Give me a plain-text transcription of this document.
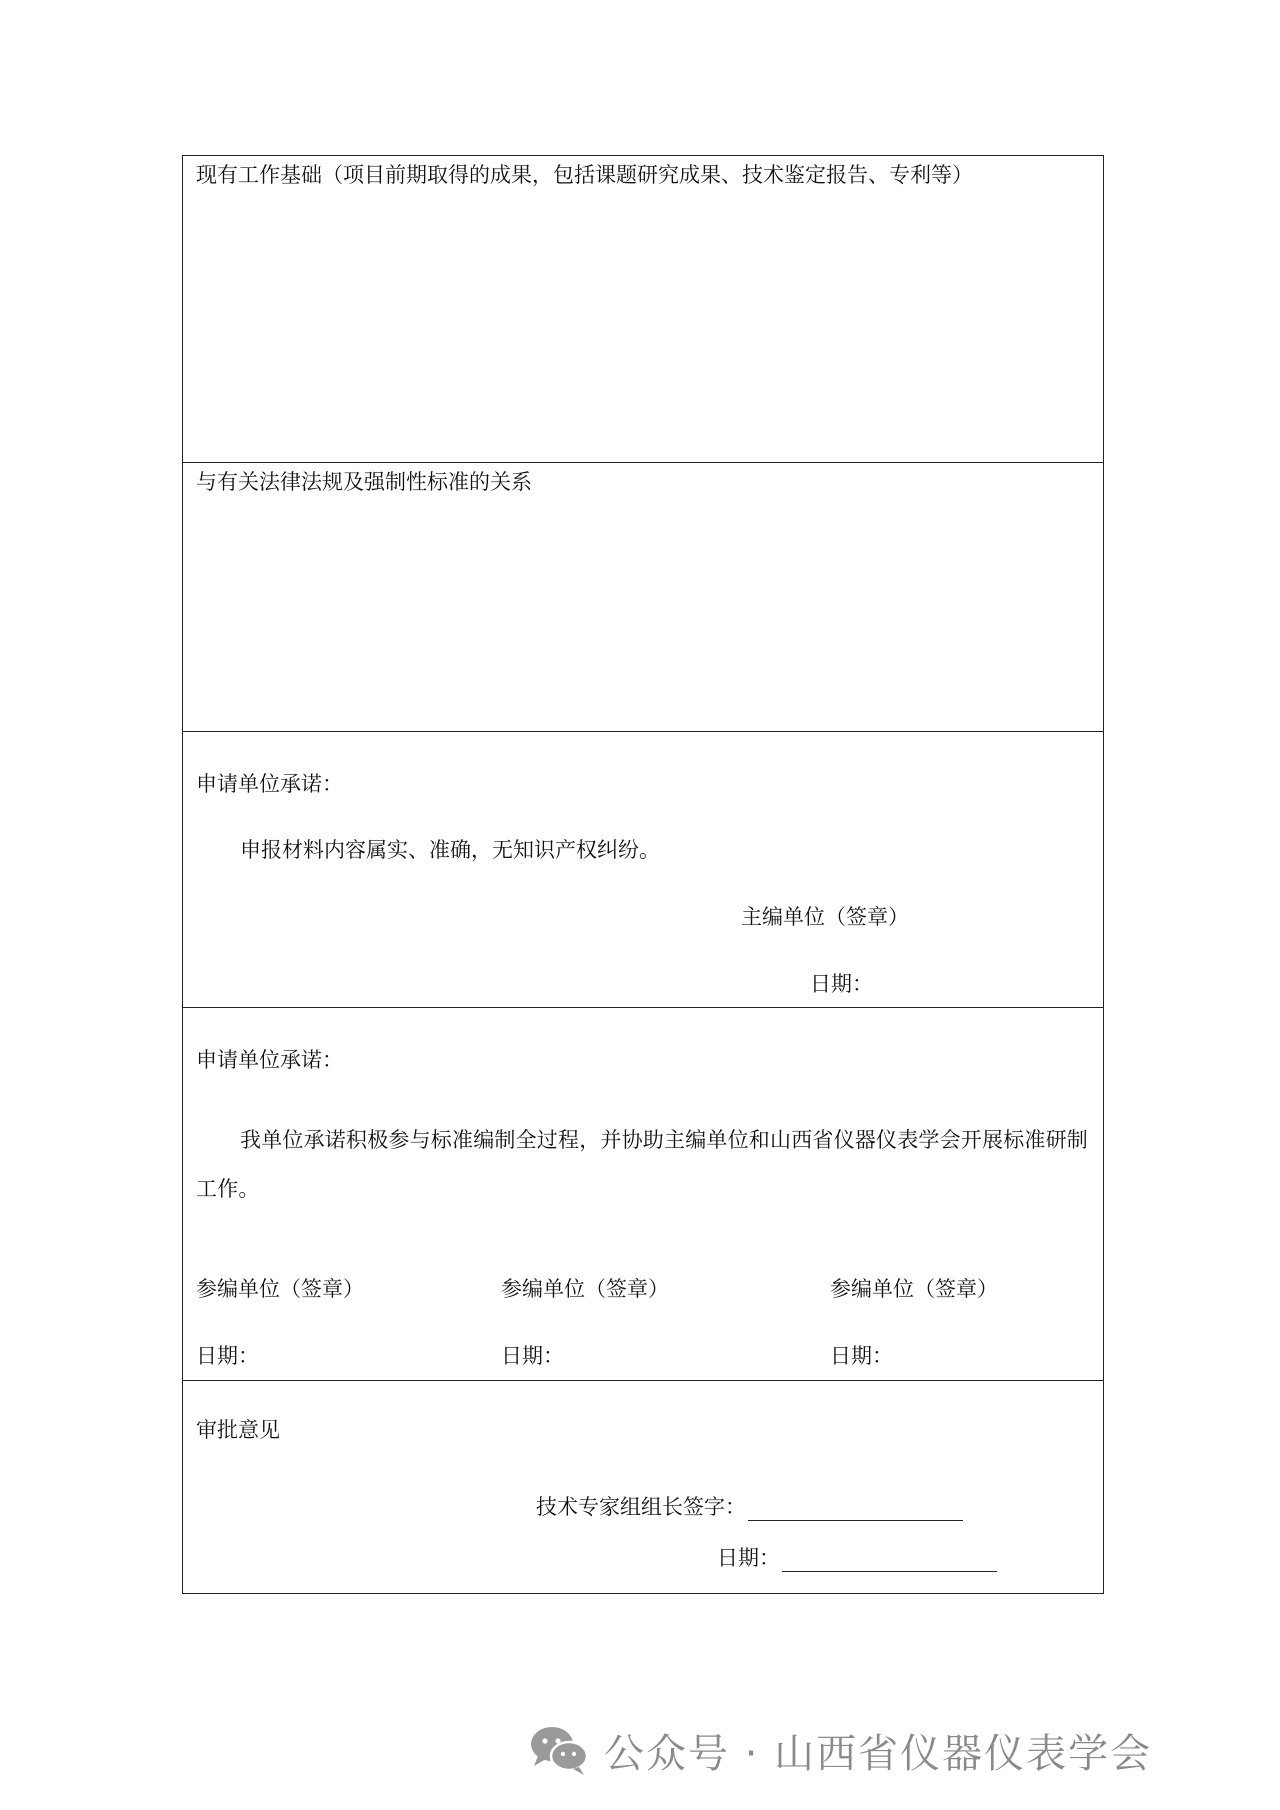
现有工作基础（项目前期取得的成果，包括课题研究成果、技术鉴定报告、专利等）
与有关法律法规及强制性标准的关系
申请单位承诺：
申报材料内容属实、准确，无知识产权纠纷。
主编单位（签章）
日期：
申请单位承诺：
我单位承诺积极参与标准编制全过程，并协助主编单位和山西省仪器仪表学会开展标准研制工作。
参编单位（签章）	参编单位（签章）	参编单位（签章）
日期：	日期：	日期：
审批意见
技术专家组组长签字：
日期：
公众号 · 山西省仪器仪表学会
